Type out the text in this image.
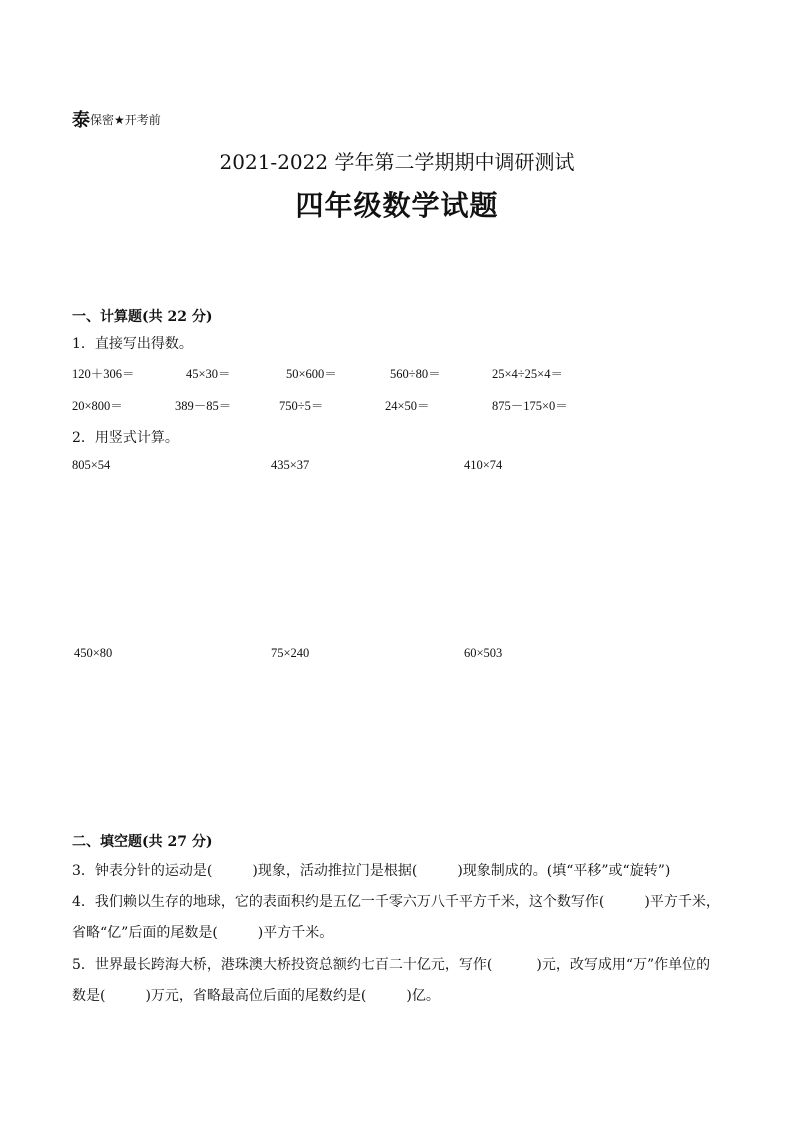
泰保密★开考前
2021-2022 学年第二学期期中调研测试
四年级数学试题
一、计算题(共 22 分)
1．直接写出得数。
120＋306＝	45×30＝	50×600＝	560÷80＝	25×4÷25×4＝
20×800＝	389－85＝	750÷5＝	24×50＝	875－175×0＝
2．用竖式计算。
805×54	435×37	410×74
450×80	75×240	60×503
二、填空题(共 27 分)
3．钟表分针的运动是(	)现象，活动推拉门是根据(	)现象制成的。(填“平移”或“旋转”)
4．我们赖以生存的地球，它的表面积约是五亿一千零六万八千平方千米，这个数写作(	)平方千米，省略“亿”后面的尾数是(	)平方千米。
5．世界最长跨海大桥，港珠澳大桥投资总额约七百二十亿元，写作(	)元，改写成用“万”作单位的数是(	)万元，省略最高位后面的尾数约是(	)亿。
